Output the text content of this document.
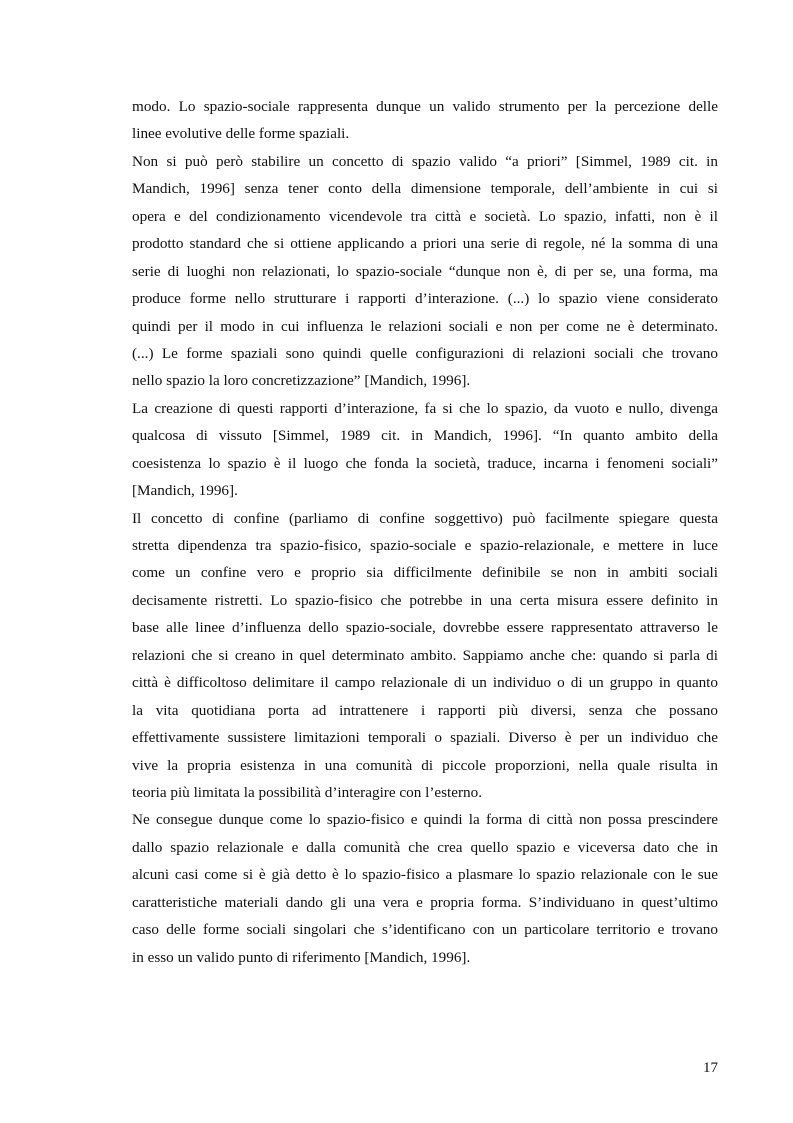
modo. Lo spazio-sociale rappresenta dunque un valido strumento per la percezione delle
linee evolutive delle forme spaziali.
Non si può però stabilire un concetto di spazio valido “a priori” [Simmel, 1989 cit. in
Mandich, 1996] senza tener conto della dimensione temporale, dell’ambiente in cui si
opera e del condizionamento vicendevole tra città e società. Lo spazio, infatti, non è il
prodotto standard che si ottiene applicando a priori una serie di regole, né la somma di una
serie di luoghi non relazionati, lo spazio-sociale “dunque non è, di per se, una forma, ma
produce forme nello strutturare i rapporti d’interazione. (...) lo spazio viene considerato
quindi per il modo in cui influenza le relazioni sociali e non per come ne è determinato.
(...) Le forme spaziali sono quindi quelle configurazioni di relazioni sociali che trovano
nello spazio la loro concretizzazione” [Mandich, 1996].
La creazione di questi rapporti d’interazione, fa si che lo spazio, da vuoto e nullo, divenga
qualcosa di vissuto [Simmel, 1989 cit. in Mandich, 1996]. “In quanto ambito della
coesistenza lo spazio è il luogo che fonda la società, traduce, incarna i fenomeni sociali”
[Mandich, 1996].
Il concetto di confine (parliamo di confine soggettivo) può facilmente spiegare questa
stretta dipendenza tra spazio-fisico, spazio-sociale e spazio-relazionale, e mettere in luce
come un confine vero e proprio sia difficilmente definibile se non in ambiti sociali
decisamente ristretti. Lo spazio-fisico che potrebbe in una certa misura essere definito in
base alle linee d’influenza dello spazio-sociale, dovrebbe essere rappresentato attraverso le
relazioni che si creano in quel determinato ambito. Sappiamo anche che: quando si parla di
città è difficoltoso delimitare il campo relazionale di un individuo o di un gruppo in quanto
la vita quotidiana porta ad intrattenere i rapporti più diversi, senza che possano
effettivamente sussistere limitazioni temporali o spaziali. Diverso è per un individuo che
vive la propria esistenza in una comunità di piccole proporzioni, nella quale risulta in
teoria più limitata la possibilità d’interagire con l’esterno.
Ne consegue dunque come lo spazio-fisico e quindi la forma di città non possa prescindere
dallo spazio relazionale e dalla comunità che crea quello spazio e viceversa dato che in
alcuni casi come si è già detto è lo spazio-fisico a plasmare lo spazio relazionale con le sue
caratteristiche materiali dando gli una vera e propria forma. S’individuano in quest’ultimo
caso delle forme sociali singolari che s’identificano con un particolare territorio e trovano
in esso un valido punto di riferimento [Mandich, 1996].
17
